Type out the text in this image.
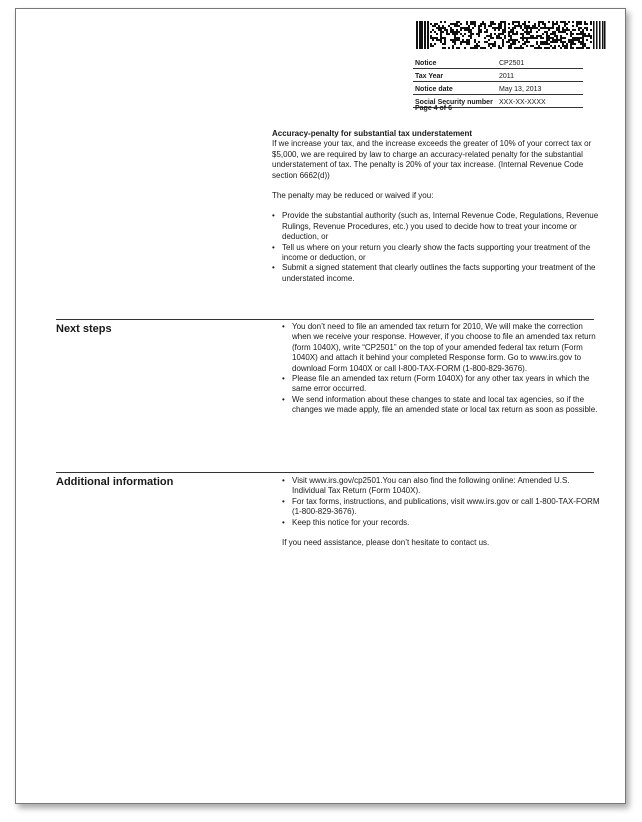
Notice	CP2501
Tax Year	2011
Notice date	May 13, 2013
Social Security number	XXX-XX-XXXX
Page 4 of 6
Accuracy-penalty for substantial tax understatement

If we increase your tax, and the increase exceeds the greater of 10% of your correct tax or $5,000, we are required by law to charge an accuracy-related penalty for the substantial understatement of tax. The penalty is 20% of your tax increase. (Internal Revenue Code section 6662(d))

The penalty may be reduced or waived if you:

• Provide the substantial authority (such as, Internal Revenue Code, Regulations, Revenue Rulings, Revenue Procedures, etc.) you used to decide how to treat your income or deduction, or
• Tell us where on your return you clearly show the facts supporting your treatment of the income or deduction, or
• Submit a signed statement that clearly outlines the facts supporting your treatment of the understated income.
Next steps	• You don’t need to file an amended tax return for 2010, We will make the correction when we receive your response. However, if you choose to file an amended tax return (form 1040X), write “CP2501” on the top of your amended federal tax return (Form 1040X) and attach it behind your completed Response form. Go to www.irs.gov to download Form 1040X or call I-800-TAX-FORM (1-800-829-3676).
• Please file an amended tax return (Form 1040X) for any other tax years in which the same error occurred.
• We send information about these changes to state and local tax agencies, so if the changes we made apply, file an amended state or local tax return as soon as possible.
Additional information	• Visit www.irs.gov/cp2501.You can also find the following online: Amended U.S. Individual Tax Return (Form 1040X).
• For tax forms, instructions, and publications, visit www.irs.gov or call 1-800-TAX-FORM (1-800-829-3676).
• Keep this notice for your records.

If you need assistance, please don’t hesitate to contact us.
